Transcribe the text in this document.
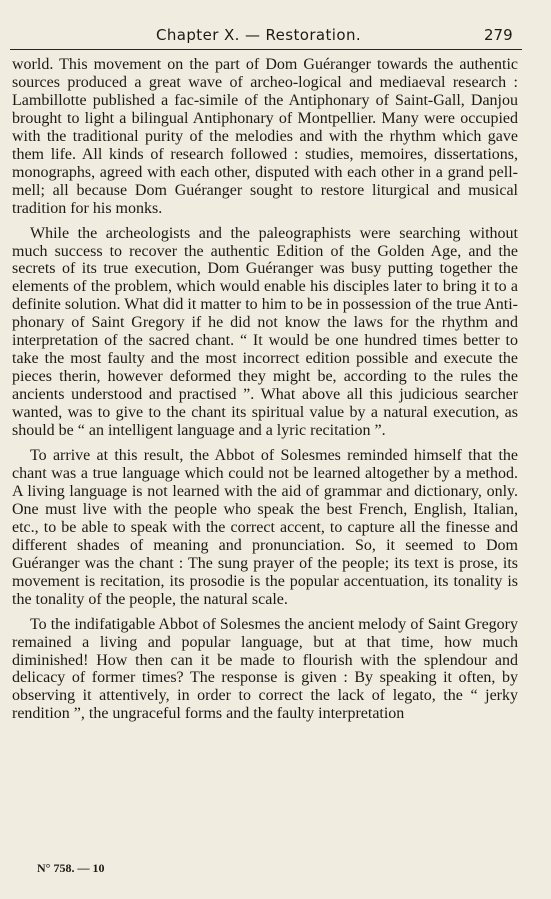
Chapter X. — Restoration.	279

world. This movement on the part of Dom Guéranger towards the authentic sources produced a great wave of archeo-logical and mediaeval research : Lambillotte published a fac-simile of the Antiphonary of Saint-Gall, Danjou brought to light a bilingual Antiphonary of Montpellier. Many were occupied with the traditional purity of the melodies and with the rhythm which gave them life. All kinds of research followed : studies, memoires, dissertations, monographs, agreed with each other, disputed with each other in a grand pell-mell; all because Dom Guéranger sought to restore liturgical and musical tradition for his monks.

While the archeologists and the paleographists were searching without much success to recover the authentic Edition of the Golden Age, and the secrets of its true execution, Dom Guéranger was busy putting together the elements of the problem, which would enable his disciples later to bring it to a definite solution. What did it matter to him to be in possession of the true Anti-phonary of Saint Gregory if he did not know the laws for the rhythm and interpretation of the sacred chant. “ It would be one hundred times better to take the most faulty and the most incorrect edition possible and execute the pieces therin, however deformed they might be, according to the rules the ancients understood and practised ”. What above all this judicious searcher wanted, was to give to the chant its spiritual value by a natural execution, as should be “ an intelligent language and a lyric recitation ”.

To arrive at this result, the Abbot of Solesmes reminded himself that the chant was a true language which could not be learned altogether by a method. A living language is not learned with the aid of grammar and dictionary, only. One must live with the people who speak the best French, English, Italian, etc., to be able to speak with the correct accent, to capture all the finesse and different shades of meaning and pronunciation. So, it seemed to Dom Guéranger was the chant : The sung prayer of the people; its text is prose, its movement is recitation, its prosodie is the popular accentuation, its tonality is the tonality of the people, the natural scale.

To the indifatigable Abbot of Solesmes the ancient melody of Saint Gregory remained a living and popular language, but at that time, how much diminished! How then can it be made to flourish with the splendour and delicacy of former times? The response is given : By speaking it often, by observing it attentively, in order to correct the lack of legato, the “ jerky rendition ”, the ungraceful forms and the faulty interpretation

N° 758. — 10
